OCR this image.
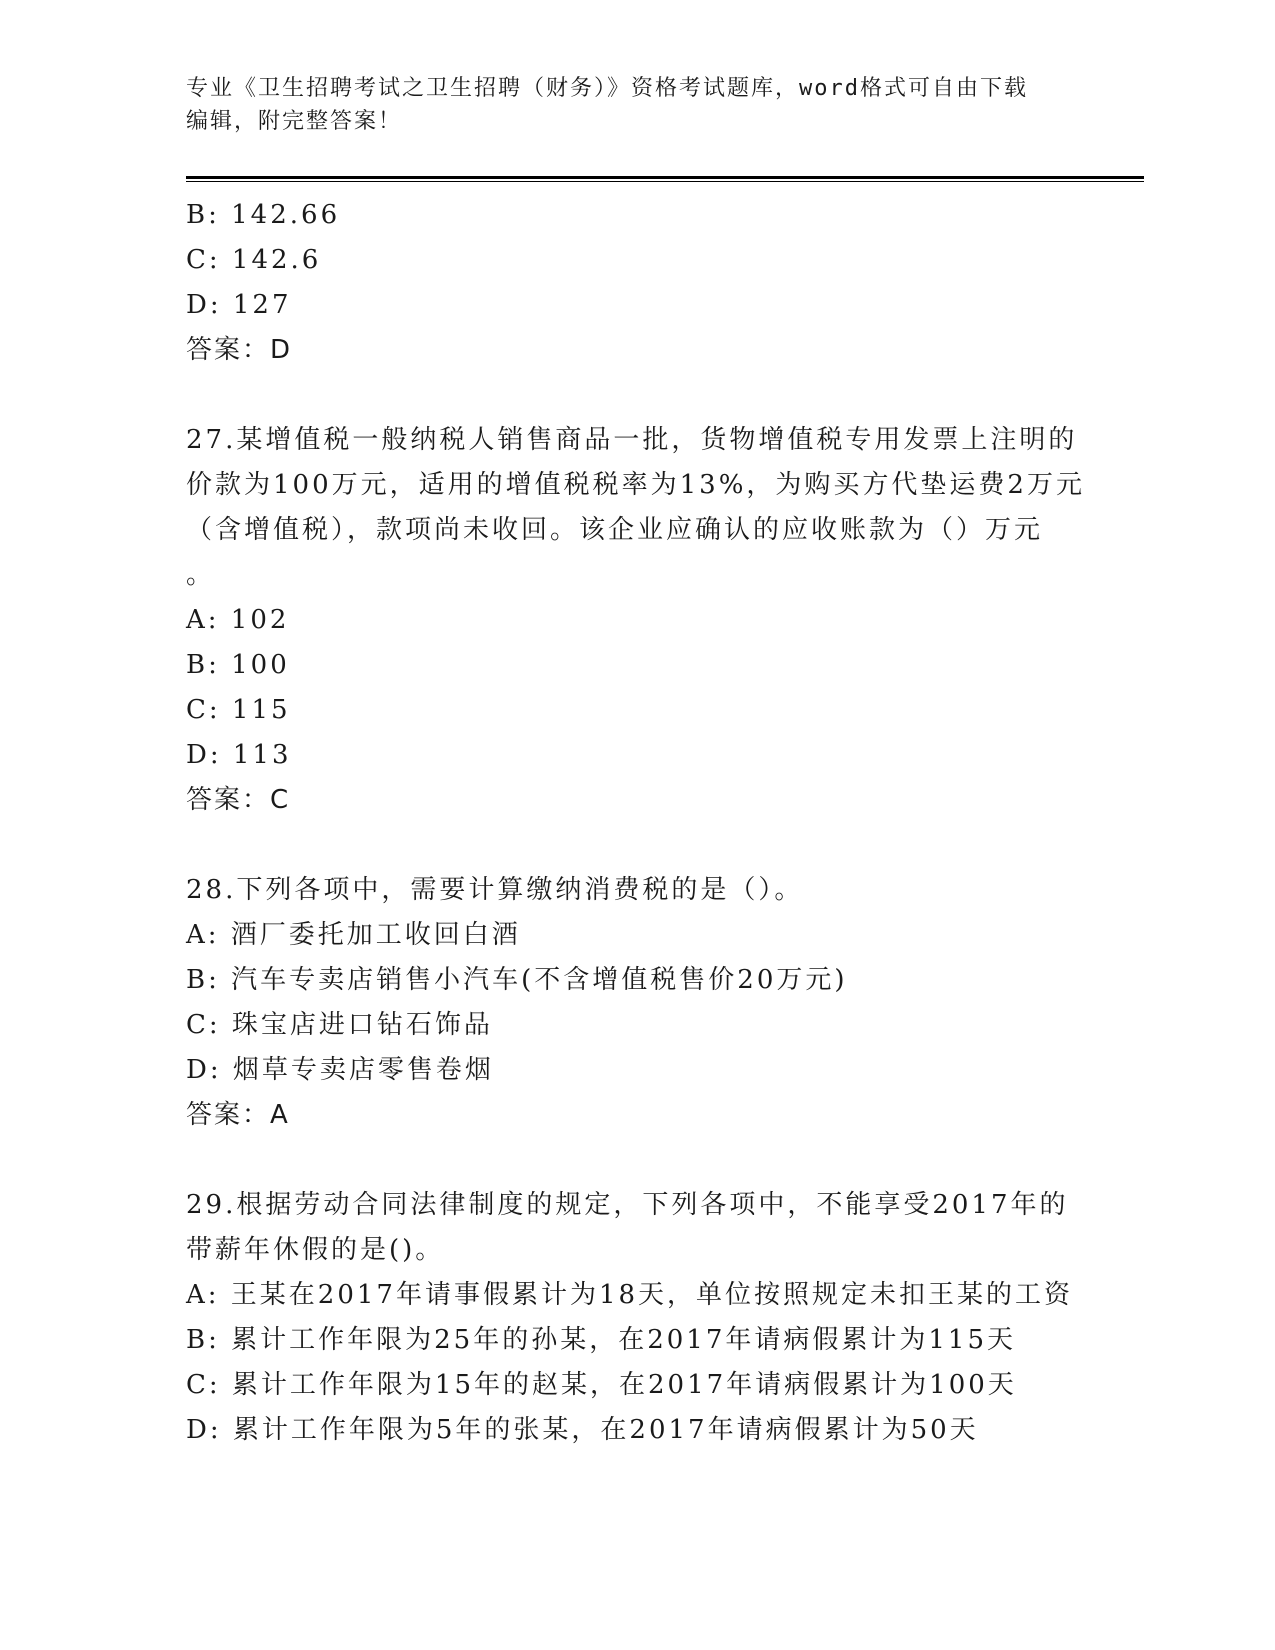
专业《卫生招聘考试之卫生招聘（财务）》资格考试题库，word格式可自由下载
编辑，附完整答案！
B: 142.66
C: 142.6
D: 127
答案：D
27.某增值税一般纳税人销售商品一批，货物增值税专用发票上注明的
价款为100万元，适用的增值税税率为13%，为购买方代垫运费2万元
（含增值税），款项尚未收回。该企业应确认的应收账款为（）万元
。
A: 102
B: 100
C: 115
D: 113
答案：C
28.下列各项中，需要计算缴纳消费税的是（）。
A: 酒厂委托加工收回白酒
B: 汽车专卖店销售小汽车(不含增值税售价20万元)
C: 珠宝店进口钻石饰品
D: 烟草专卖店零售卷烟
答案：A
29.根据劳动合同法律制度的规定，下列各项中，不能享受2017年的
带薪年休假的是()。
A: 王某在2017年请事假累计为18天，单位按照规定未扣王某的工资
B: 累计工作年限为25年的孙某，在2017年请病假累计为115天
C: 累计工作年限为15年的赵某，在2017年请病假累计为100天
D: 累计工作年限为5年的张某，在2017年请病假累计为50天
